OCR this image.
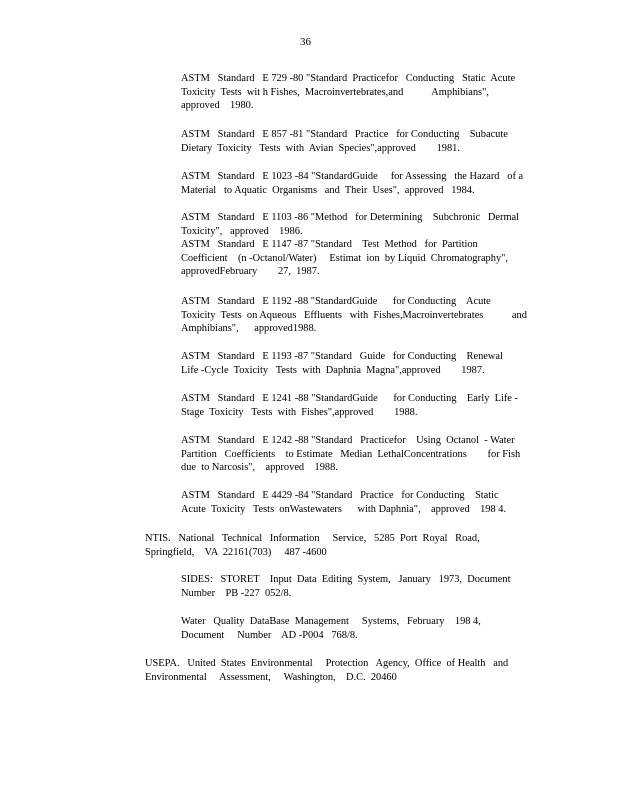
36
ASTM   Standard   E 729 -80 "Standard  Practicefor   Conducting   Static  Acute
Toxicity  Tests  wit h Fishes,  Macroinvertebrates,and           Amphibians",
approved    1980.
ASTM   Standard   E 857 -81 "Standard   Practice   for Conducting    Subacute
Dietary  Toxicity   Tests  with  Avian  Species",approved        1981.
ASTM   Standard   E 1023 -84 "StandardGuide     for Assessing   the Hazard   of a
Material   to Aquatic  Organisms   and  Their  Uses",  approved   1984.
ASTM   Standard   E 1103 -86 "Method   for Determining    Subchronic   Dermal
Toxicity",   approved    1986.
ASTM   Standard   E 1147 -87 "Standard    Test  Method   for  Partition
Coefficient    (n -Octanol/Water)     Estimat  ion  by Liquid  Chromatography",
approvedFebruary        27,  1987.
ASTM   Standard   E 1192 -88 "StandardGuide      for Conducting    Acute
Toxicity  Tests  on Aqueous   Effluents   with  Fishes,Macroinvertebrates           and
Amphibians",      approved1988.
ASTM   Standard   E 1193 -87 "Standard   Guide   for Conducting    Renewal
Life -Cycle  Toxicity   Tests  with  Daphnia  Magna",approved        1987.
ASTM   Standard   E 1241 -88 "StandardGuide      for Conducting    Early  Life -
Stage  Toxicity   Tests  with  Fishes",approved        1988.
ASTM   Standard   E 1242 -88 "Standard   Practicefor    Using  Octanol  - Water
Partition   Coefficients    to Estimate   Median  LethalConcentrations        for Fish
due  to Narcosis",    approved    1988.
ASTM   Standard   E 4429 -84 "Standard   Practice   for Conducting    Static
Acute  Toxicity   Tests  onWastewaters      with Daphnia",    approved    198 4.
NTIS.   National   Technical   Information     Service,   5285  Port  Royal   Road,
Springfield,    VA  22161(703)     487 -4600
SIDES:   STORET    Input  Data  Editing  System,   January   1973,  Document
Number    PB -227  052/8.
Water   Quality  DataBase  Management     Systems,   February    198 4,
Document     Number    AD -P004   768/8.
USEPA.   United  States  Environmental     Protection   Agency,  Office  of Health   and
Environmental     Assessment,     Washington,    D.C.  20460
